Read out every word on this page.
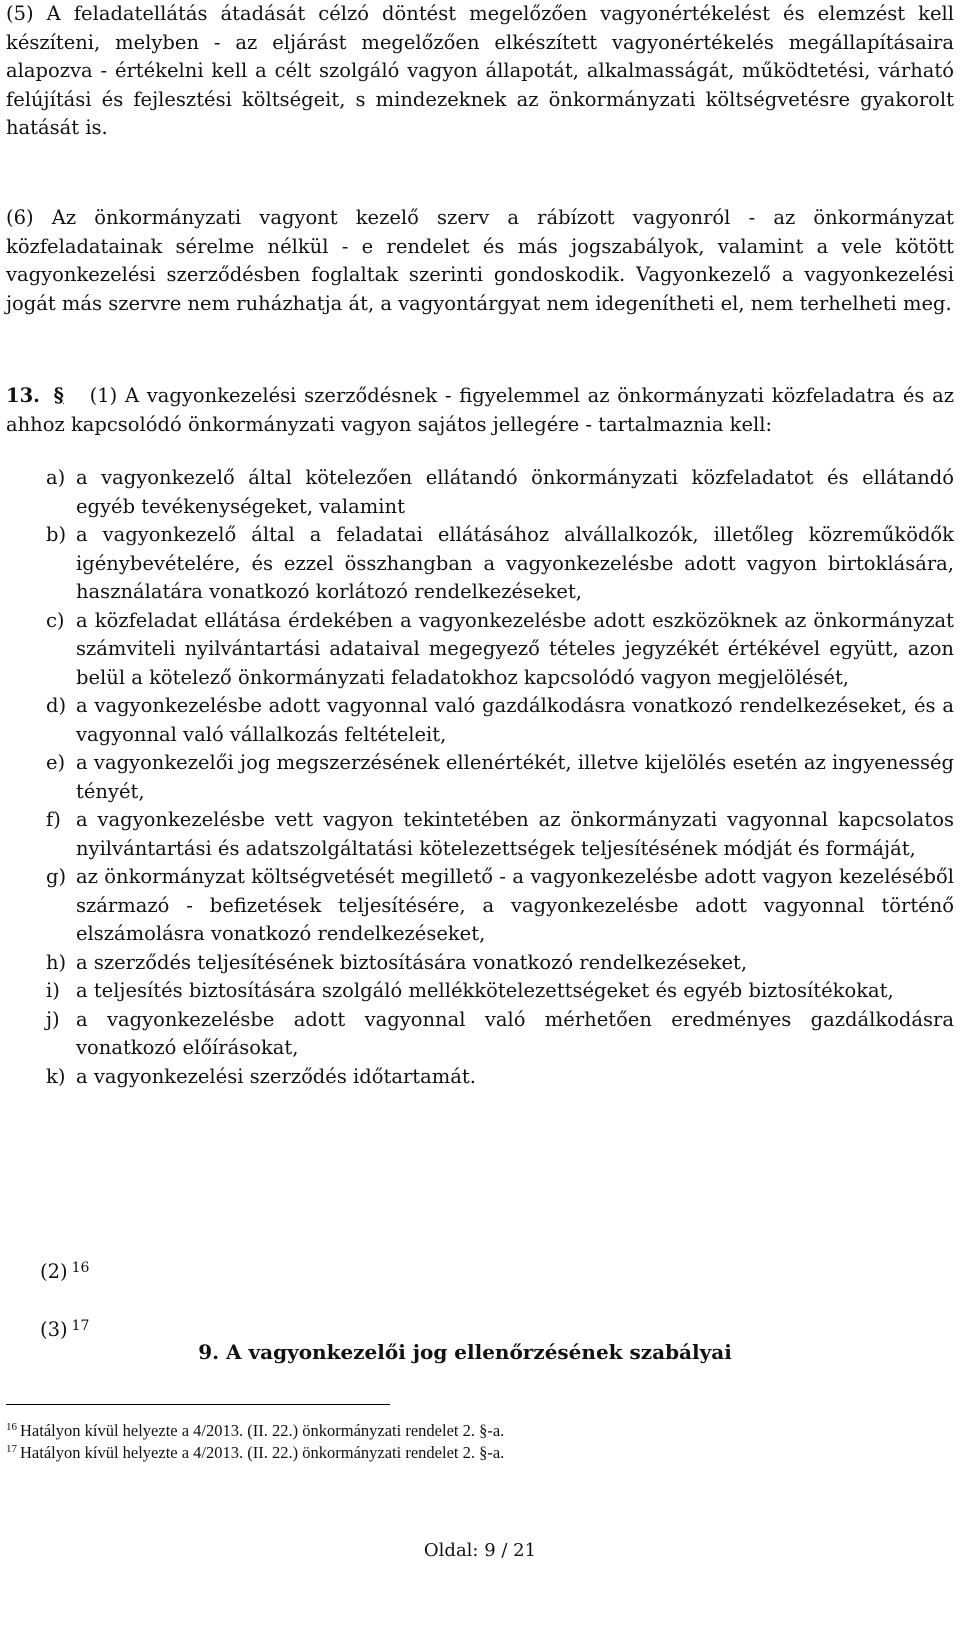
(5) A feladatellátás átadását célzó döntést megelőzően vagyonértékelést és elemzést kell készíteni, melyben - az eljárást megelőzően elkészített vagyonértékelés megállapításaira alapozva - értékelni kell a célt szolgáló vagyon állapotát, alkalmasságát, működtetési, várható felújítási és fejlesztési költségeit, s mindezeknek az önkormányzati költségvetésre gyakorolt hatását is.

(6) Az önkormányzati vagyont kezelő szerv a rábízott vagyonról - az önkormányzat közfeladatainak sérelme nélkül - e rendelet és más jogszabályok, valamint a vele kötött vagyonkezelési szerződésben foglaltak szerinti gondoskodik. Vagyonkezelő a vagyonkezelési jogát más szervre nem ruházhatja át, a vagyontárgyat nem idegenítheti el, nem terhelheti meg.

13. § (1) A vagyonkezelési szerződésnek - figyelemmel az önkormányzati közfeladatra és az ahhoz kapcsolódó önkormányzati vagyon sajátos jellegére - tartalmaznia kell:
a) a vagyonkezelő által kötelezően ellátandó önkormányzati közfeladatot és ellátandó egyéb tevékenységeket, valamint
b) a vagyonkezelő által a feladatai ellátásához alvállalkozók, illetőleg közreműködők igénybevételére, és ezzel összhangban a vagyonkezelésbe adott vagyon birtoklására, használatára vonatkozó korlátozó rendelkezéseket,
c) a közfeladat ellátása érdekében a vagyonkezelésbe adott eszközöknek az önkormányzat számviteli nyilvántartási adataival megegyező tételes jegyzékét értékével együtt, azon belül a kötelező önkormányzati feladatokhoz kapcsolódó vagyon megjelölését,
d) a vagyonkezelésbe adott vagyonnal való gazdálkodásra vonatkozó rendelkezéseket, és a vagyonnal való vállalkozás feltételeit,
e) a vagyonkezelői jog megszerzésének ellenértékét, illetve kijelölés esetén az ingyenesség tényét,
f) a vagyonkezelésbe vett vagyon tekintetében az önkormányzati vagyonnal kapcsolatos nyilvántartási és adatszolgáltatási kötelezettségek teljesítésének módját és formáját,
g) az önkormányzat költségvetését megillető - a vagyonkezelésbe adott vagyon kezeléséből származó - befizetések teljesítésére, a vagyonkezelésbe adott vagyonnal történő elszámolásra vonatkozó rendelkezéseket,
h) a szerződés teljesítésének biztosítására vonatkozó rendelkezéseket,
i) a teljesítés biztosítására szolgáló mellékkötelezettségeket és egyéb biztosítékokat,
j) a vagyonkezelésbe adott vagyonnal való mérhetően eredményes gazdálkodásra vonatkozó előírásokat,
k) a vagyonkezelési szerződés időtartamát.
(2) $^{16}$
(3) $^{17}$
9. A vagyonkezelői jog ellenőrzésének szabályai
$^{16}$ Hatályon kívül helyezte a 4/2013. (II. 22.) önkormányzati rendelet 2. §-a.
$^{17}$ Hatályon kívül helyezte a 4/2013. (II. 22.) önkormányzati rendelet 2. §-a.
Oldal: 9 / 21
